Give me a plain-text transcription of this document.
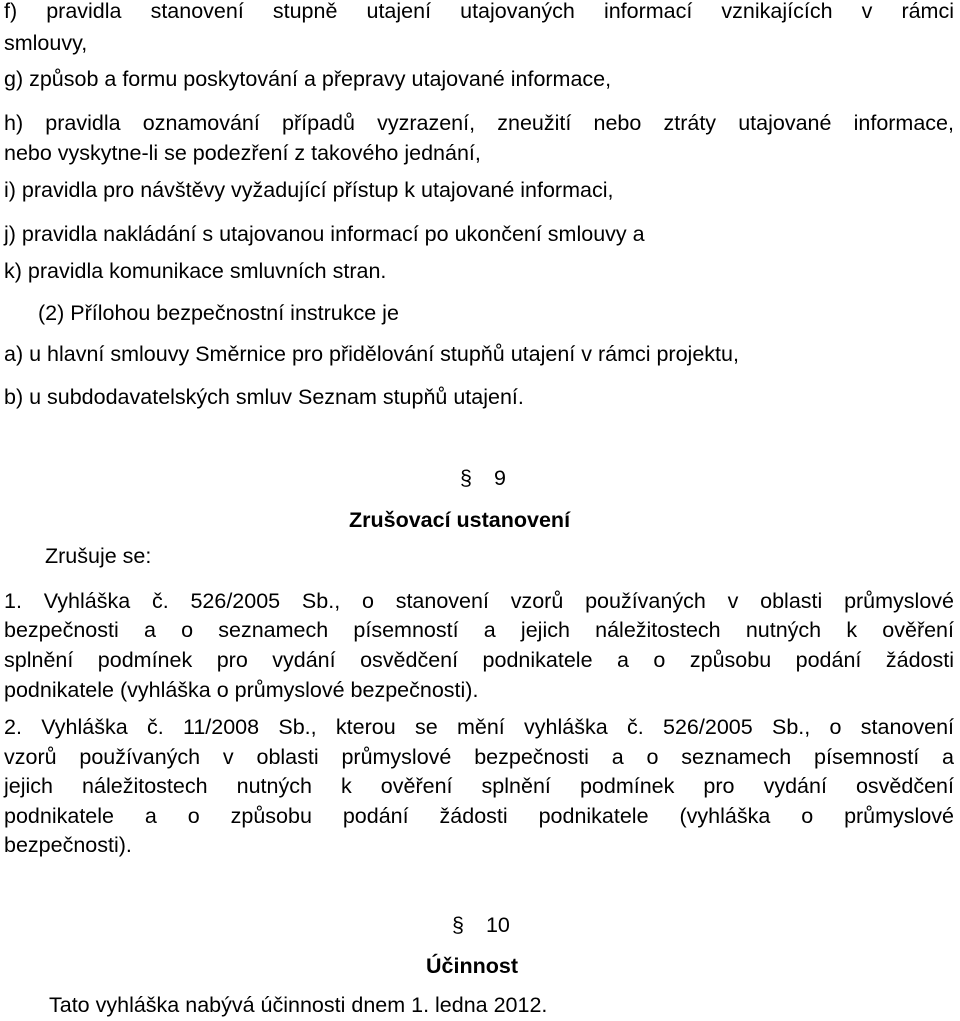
f) pravidla stanovení stupně utajení utajovaných informací vznikajících v rámci
smlouvy,
g) způsob a formu poskytování a přepravy utajované informace,
h) pravidla oznamování případů vyzrazení, zneužití nebo ztráty utajované informace,
nebo vyskytne-li se podezření z takového jednání,
i) pravidla pro návštěvy vyžadující přístup k utajované informaci,
j) pravidla nakládání s utajovanou informací po ukončení smlouvy a
k) pravidla komunikace smluvních stran.
(2) Přílohou bezpečnostní instrukce je
a) u hlavní smlouvy Směrnice pro přidělování stupňů utajení v rámci projektu,
b) u subdodavatelských smluv Seznam stupňů utajení.
§ 9
Zrušovací ustanovení
Zrušuje se:
1. Vyhláška č. 526/2005 Sb., o stanovení vzorů používaných v oblasti průmyslové
bezpečnosti a o seznamech písemností a jejich náležitostech nutných k ověření
splnění podmínek pro vydání osvědčení podnikatele a o způsobu podání žádosti
podnikatele (vyhláška o průmyslové bezpečnosti).
2. Vyhláška č. 11/2008 Sb., kterou se mění vyhláška č. 526/2005 Sb., o stanovení
vzorů používaných v oblasti průmyslové bezpečnosti a o seznamech písemností a
jejich náležitostech nutných k ověření splnění podmínek pro vydání osvědčení
podnikatele a o způsobu podání žádosti podnikatele (vyhláška o průmyslové
bezpečnosti).
§ 10
Účinnost
Tato vyhláška nabývá účinnosti dnem 1. ledna 2012.
